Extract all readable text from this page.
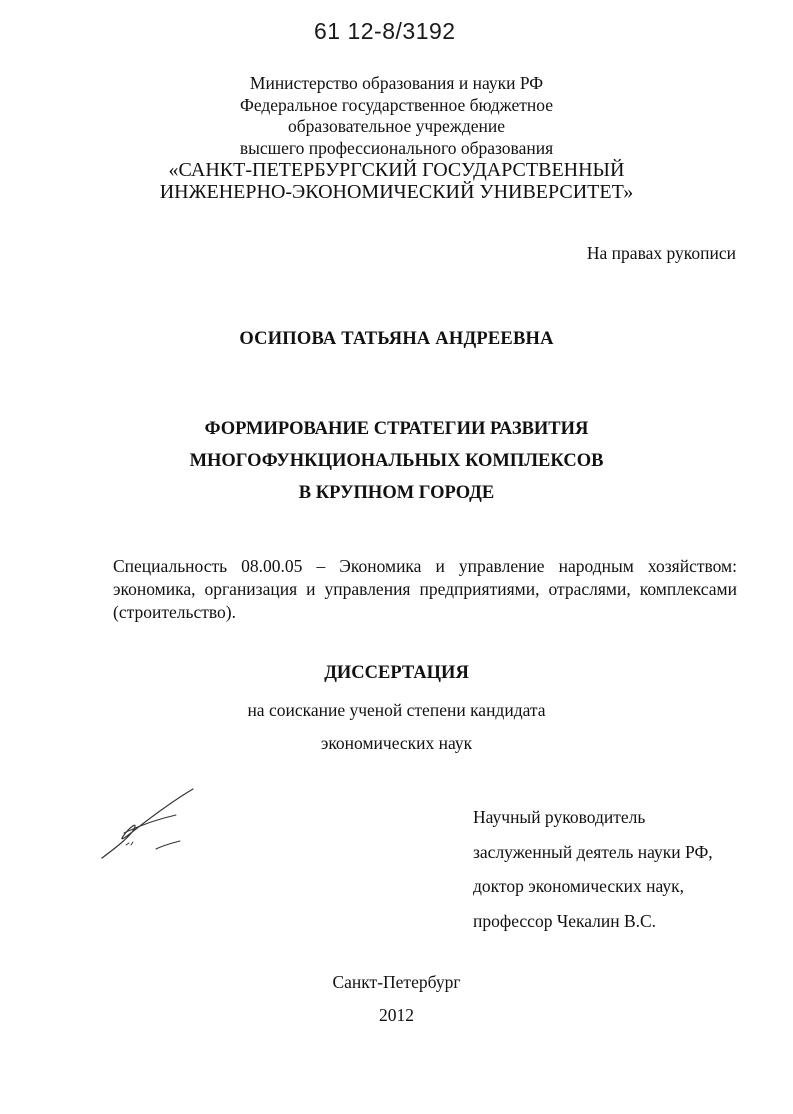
61 12-8/3192
Министерство образования и науки РФ
Федеральное государственное бюджетное
образовательное учреждение
высшего профессионального образования
«САНКТ-ПЕТЕРБУРГСКИЙ ГОСУДАРСТВЕННЫЙ
ИНЖЕНЕРНО-ЭКОНОМИЧЕСКИЙ УНИВЕРСИТЕТ»
На правах рукописи
ОСИПОВА ТАТЬЯНА АНДРЕЕВНА
ФОРМИРОВАНИЕ СТРАТЕГИИ РАЗВИТИЯ
МНОГОФУНКЦИОНАЛЬНЫХ КОМПЛЕКСОВ
В КРУПНОМ ГОРОДЕ
Специальность 08.00.05 – Экономика и управление народным хозяйством: экономика, организация и управления предприятиями, отраслями, комплексами (строительство).
ДИССЕРТАЦИЯ
на соискание ученой степени кандидата
экономических наук
Научный руководитель
заслуженный деятель науки РФ,
доктор экономических наук,
профессор Чекалин В.С.
Санкт-Петербург
2012
